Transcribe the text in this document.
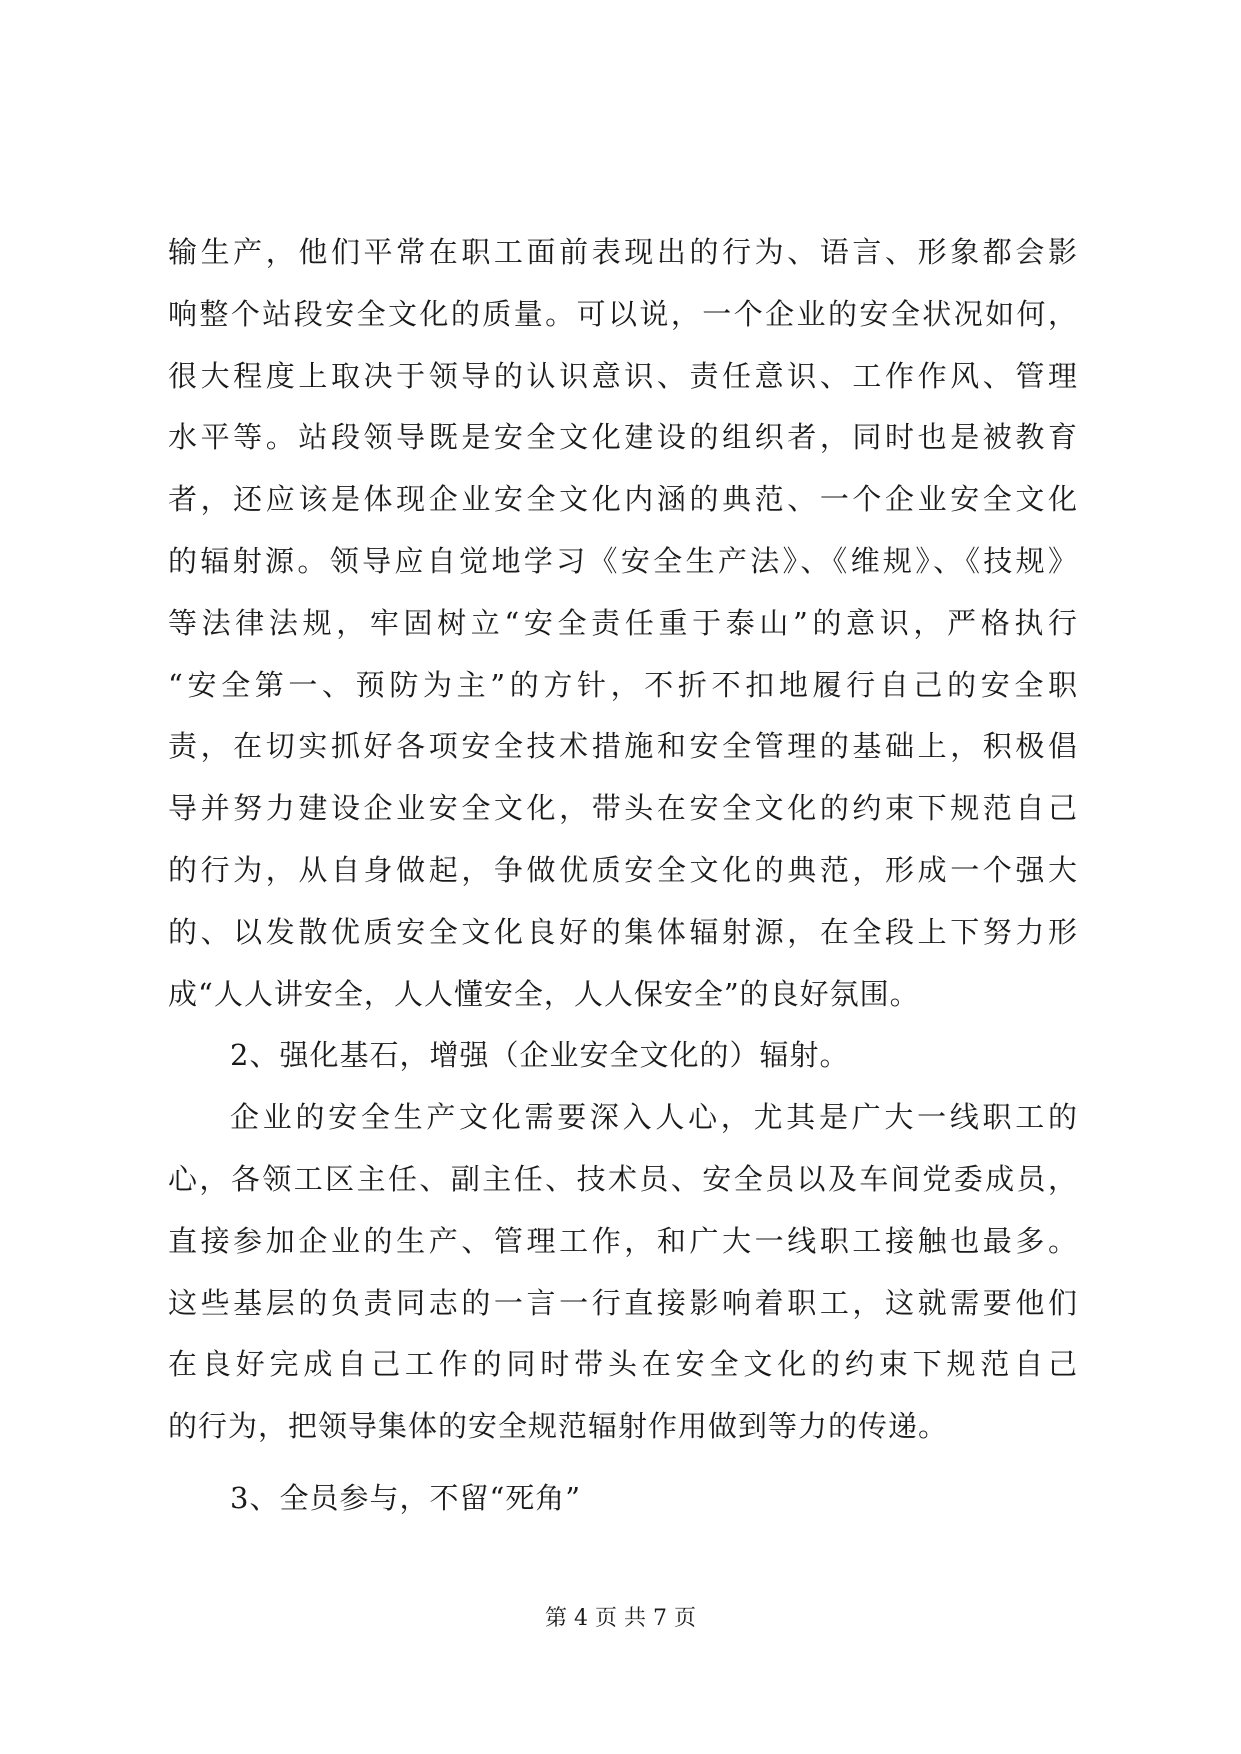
输生产，他们平常在职工面前表现出的行为、语言、形象都会影
响整个站段安全文化的质量。可以说，一个企业的安全状况如何，
很大程度上取决于领导的认识意识、责任意识、工作作风、管理
水平等。站段领导既是安全文化建设的组织者，同时也是被教育
者，还应该是体现企业安全文化内涵的典范、一个企业安全文化
的辐射源。领导应自觉地学习《安全生产法》、《维规》、《技规》
等法律法规，牢固树立“安全责任重于泰山”的意识，严格执行
“安全第一、预防为主”的方针，不折不扣地履行自己的安全职
责，在切实抓好各项安全技术措施和安全管理的基础上，积极倡
导并努力建设企业安全文化，带头在安全文化的约束下规范自己
的行为，从自身做起，争做优质安全文化的典范，形成一个强大
的、以发散优质安全文化良好的集体辐射源，在全段上下努力形
成“人人讲安全，人人懂安全，人人保安全”的良好氛围。
2、强化基石，增强（企业安全文化的）辐射。
企业的安全生产文化需要深入人心，尤其是广大一线职工的
心，各领工区主任、副主任、技术员、安全员以及车间党委成员，
直接参加企业的生产、管理工作，和广大一线职工接触也最多。
这些基层的负责同志的一言一行直接影响着职工，这就需要他们
在良好完成自己工作的同时带头在安全文化的约束下规范自己
的行为，把领导集体的安全规范辐射作用做到等力的传递。
3、全员参与，不留“死角”
第 4 页 共 7 页
